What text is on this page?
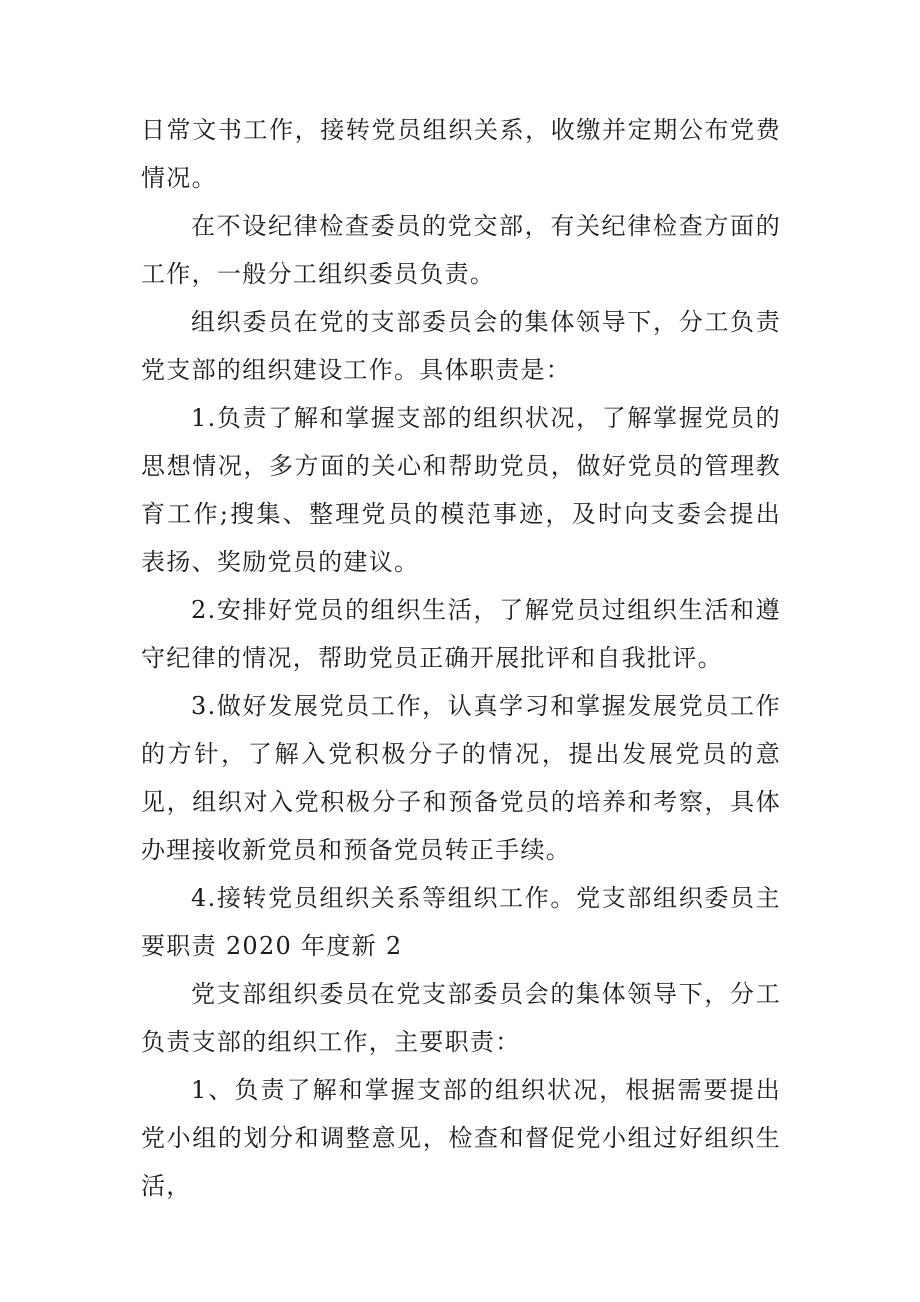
日常文书工作，接转党员组织关系，收缴并定期公布党费情况。

在不设纪律检查委员的党交部，有关纪律检查方面的工作，一般分工组织委员负责。

组织委员在党的支部委员会的集体领导下，分工负责党支部的组织建设工作。具体职责是：

1.负责了解和掌握支部的组织状况，了解掌握党员的思想情况，多方面的关心和帮助党员，做好党员的管理教育工作;搜集、整理党员的模范事迹，及时向支委会提出表扬、奖励党员的建议。

2.安排好党员的组织生活，了解党员过组织生活和遵守纪律的情况，帮助党员正确开展批评和自我批评。

3.做好发展党员工作，认真学习和掌握发展党员工作的方针，了解入党积极分子的情况，提出发展党员的意见，组织对入党积极分子和预备党员的培养和考察，具体办理接收新党员和预备党员转正手续。

4.接转党员组织关系等组织工作。党支部组织委员主要职责 2020 年度新 2

党支部组织委员在党支部委员会的集体领导下，分工负责支部的组织工作，主要职责：

1、负责了解和掌握支部的组织状况，根据需要提出党小组的划分和调整意见，检查和督促党小组过好组织生活，
